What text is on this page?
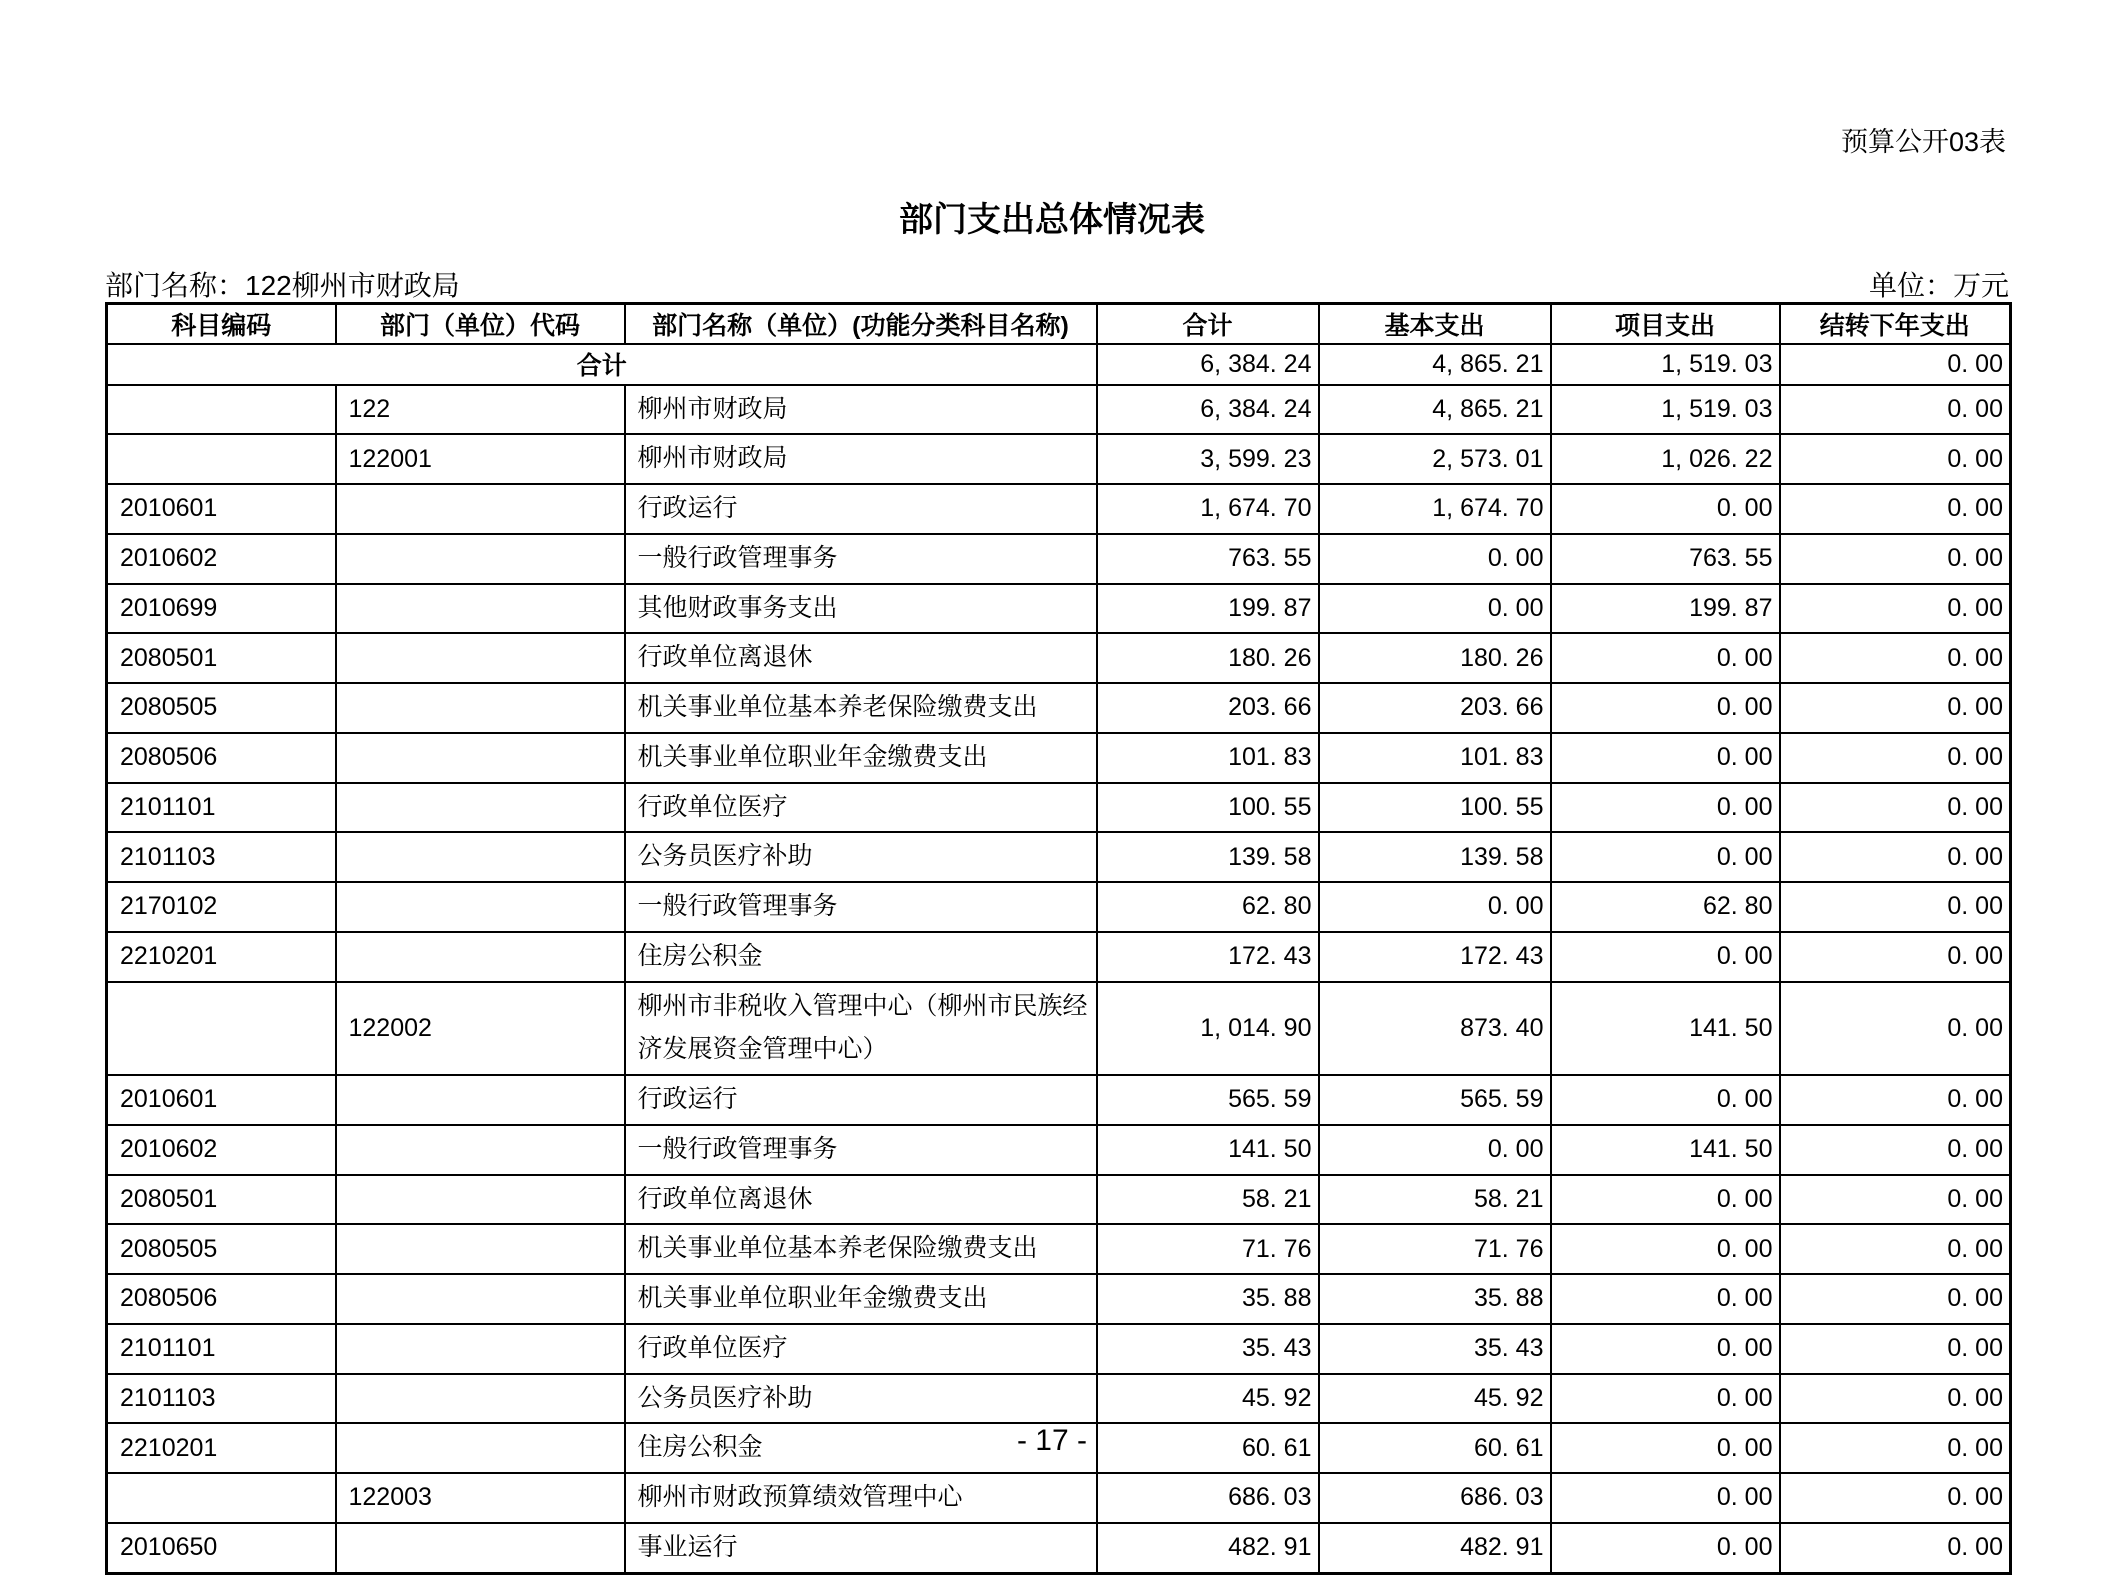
预算公开03表
部门支出总体情况表
部门名称：122柳州市财政局	单位：万元
科目编码	部门（单位）代码	部门名称（单位）(功能分类科目名称)	合计	基本支出	项目支出	结转下年支出
合计			6, 384. 24	4, 865. 21	1, 519. 03	0. 00
	122	柳州市财政局	6, 384. 24	4, 865. 21	1, 519. 03	0. 00
	122001	柳州市财政局	3, 599. 23	2, 573. 01	1, 026. 22	0. 00
2010601		行政运行	1, 674. 70	1, 674. 70	0. 00	0. 00
2010602		一般行政管理事务	763. 55	0. 00	763. 55	0. 00
2010699		其他财政事务支出	199. 87	0. 00	199. 87	0. 00
2080501		行政单位离退休	180. 26	180. 26	0. 00	0. 00
2080505		机关事业单位基本养老保险缴费支出	203. 66	203. 66	0. 00	0. 00
2080506		机关事业单位职业年金缴费支出	101. 83	101. 83	0. 00	0. 00
2101101		行政单位医疗	100. 55	100. 55	0. 00	0. 00
2101103		公务员医疗补助	139. 58	139. 58	0. 00	0. 00
2170102		一般行政管理事务	62. 80	0. 00	62. 80	0. 00
2210201		住房公积金	172. 43	172. 43	0. 00	0. 00
	122002	柳州市非税收入管理中心（柳州市民族经济发展资金管理中心）	1, 014. 90	873. 40	141. 50	0. 00
2010601		行政运行	565. 59	565. 59	0. 00	0. 00
2010602		一般行政管理事务	141. 50	0. 00	141. 50	0. 00
2080501		行政单位离退休	58. 21	58. 21	0. 00	0. 00
2080505		机关事业单位基本养老保险缴费支出	71. 76	71. 76	0. 00	0. 00
2080506		机关事业单位职业年金缴费支出	35. 88	35. 88	0. 00	0. 00
2101101		行政单位医疗	35. 43	35. 43	0. 00	0. 00
2101103		公务员医疗补助	45. 92	45. 92	0. 00	0. 00
2210201		住房公积金	60. 61	60. 61	0. 00	0. 00
	122003	柳州市财政预算绩效管理中心	686. 03	686. 03	0. 00	0. 00
2010650		事业运行	482. 91	482. 91	0. 00	0. 00
- 17 -
